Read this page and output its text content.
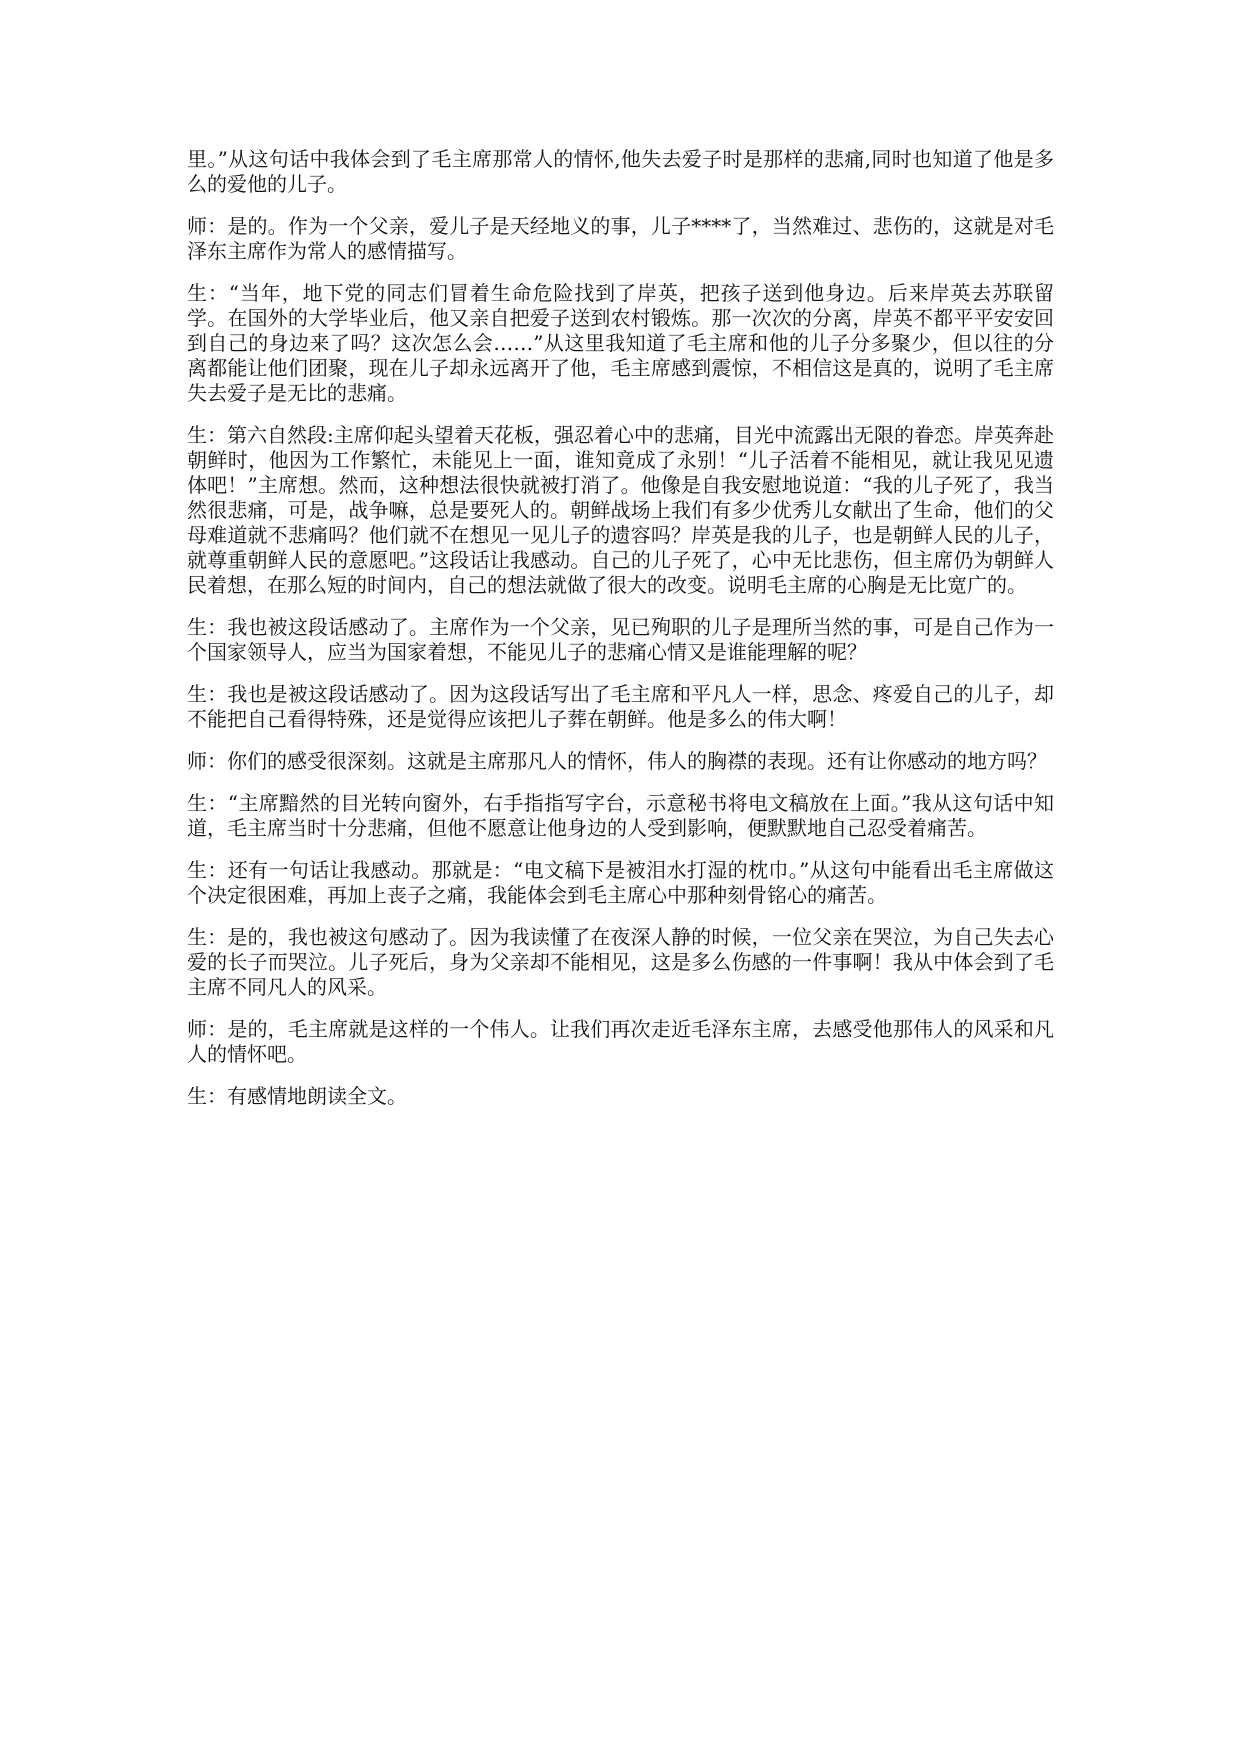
里。”从这句话中我体会到了毛主席那常人的情怀,他失去爱子时是那样的悲痛,同时也知道了他是多么的爱他的儿子。

师：是的。作为一个父亲，爱儿子是天经地义的事，儿子****了，当然难过、悲伤的，这就是对毛泽东主席作为常人的感情描写。

生：“当年，地下党的同志们冒着生命危险找到了岸英，把孩子送到他身边。后来岸英去苏联留学。在国外的大学毕业后，他又亲自把爱子送到农村锻炼。那一次次的分离，岸英不都平平安安回到自己的身边来了吗？这次怎么会……”从这里我知道了毛主席和他的儿子分多聚少，但以往的分离都能让他们团聚，现在儿子却永远离开了他，毛主席感到震惊，不相信这是真的，说明了毛主席失去爱子是无比的悲痛。

生：第六自然段:主席仰起头望着天花板，强忍着心中的悲痛，目光中流露出无限的眷恋。岸英奔赴朝鲜时，他因为工作繁忙，未能见上一面，谁知竟成了永别！“儿子活着不能相见，就让我见见遗体吧！”主席想。然而，这种想法很快就被打消了。他像是自我安慰地说道：“我的儿子死了，我当然很悲痛，可是，战争嘛，总是要死人的。朝鲜战场上我们有多少优秀儿女献出了生命，他们的父母难道就不悲痛吗？他们就不在想见一见儿子的遗容吗？岸英是我的儿子，也是朝鲜人民的儿子，就尊重朝鲜人民的意愿吧。”这段话让我感动。自己的儿子死了，心中无比悲伤，但主席仍为朝鲜人民着想，在那么短的时间内，自己的想法就做了很大的改变。说明毛主席的心胸是无比宽广的。

生：我也被这段话感动了。主席作为一个父亲，见已殉职的儿子是理所当然的事，可是自己作为一个国家领导人，应当为国家着想，不能见儿子的悲痛心情又是谁能理解的呢？

生：我也是被这段话感动了。因为这段话写出了毛主席和平凡人一样，思念、疼爱自己的儿子，却不能把自己看得特殊，还是觉得应该把儿子葬在朝鲜。他是多么的伟大啊！

师：你们的感受很深刻。这就是主席那凡人的情怀，伟人的胸襟的表现。还有让你感动的地方吗？

生：“主席黯然的目光转向窗外，右手指指写字台，示意秘书将电文稿放在上面。”我从这句话中知道，毛主席当时十分悲痛，但他不愿意让他身边的人受到影响，便默默地自己忍受着痛苦。

生：还有一句话让我感动。那就是：“电文稿下是被泪水打湿的枕巾。”从这句中能看出毛主席做这个决定很困难，再加上丧子之痛，我能体会到毛主席心中那种刻骨铭心的痛苦。

生：是的，我也被这句感动了。因为我读懂了在夜深人静的时候，一位父亲在哭泣，为自己失去心爱的长子而哭泣。儿子死后，身为父亲却不能相见，这是多么伤感的一件事啊！我从中体会到了毛主席不同凡人的风采。

师：是的，毛主席就是这样的一个伟人。让我们再次走近毛泽东主席，去感受他那伟人的风采和凡人的情怀吧。

生：有感情地朗读全文。
